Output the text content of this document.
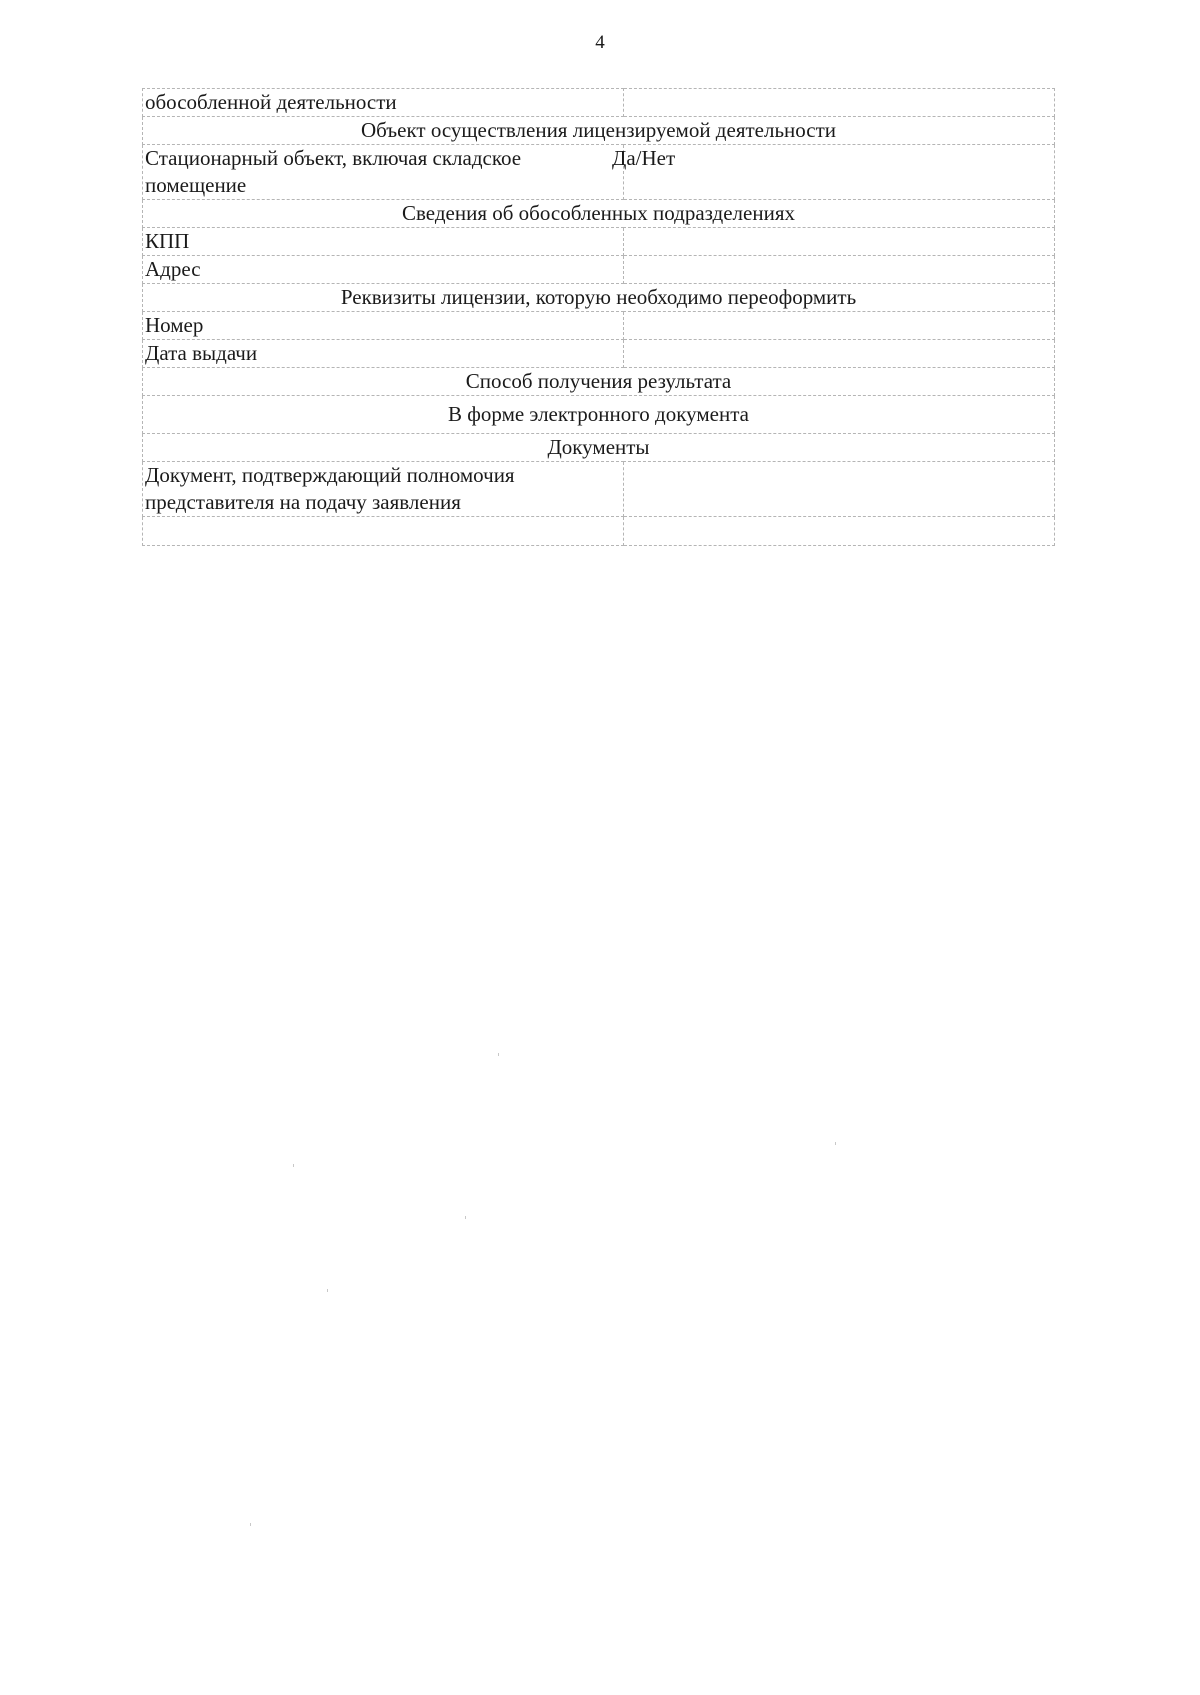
4
обособленной деятельности	
Объект осуществления лицензируемой деятельности	
Стационарный объект, включая складское помещение	Да/Нет
Сведения об обособленных подразделениях	
КПП	
Адрес	
Реквизиты лицензии, которую необходимо переоформить	
Номер	
Дата выдачи	
Способ получения результата	
В форме электронного документа	
Документы	
Документ, подтверждающий полномочия представителя на подачу заявления	
